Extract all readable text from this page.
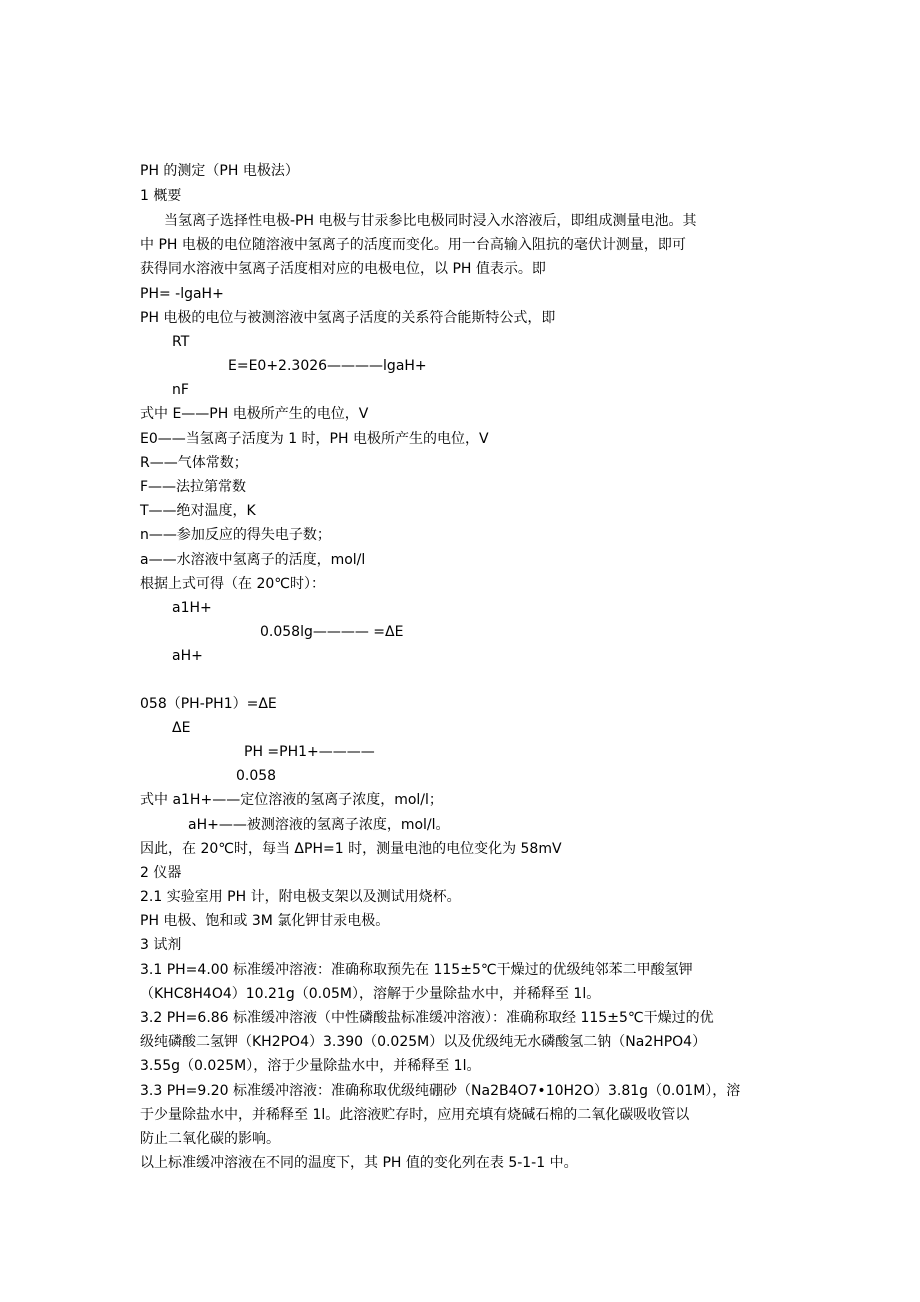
PH 的测定（PH 电极法）

1 概要

当氢离子选择性电极-PH 电极与甘汞参比电极同时浸入水溶液后，即组成测量电池。其

中 PH 电极的电位随溶液中氢离子的活度而变化。用一台高输入阻抗的毫伏计测量，即可

获得同水溶液中氢离子活度相对应的电极电位，以 PH 值表示。即

PH= -lgaH+

PH 电极的电位与被测溶液中氢离子活度的关系符合能斯特公式，即

RT

E=E0+2.3026————lgaH+

nF

式中 E——PH 电极所产生的电位，V

E0——当氢离子活度为 1 时，PH 电极所产生的电位，V

R——气体常数；

F——法拉第常数

T——绝对温度，K

n——参加反应的得失电子数；

a——水溶液中氢离子的活度，mol/l

根据上式可得（在 20℃时）：

a1H+

0.058lg———— =ΔE

aH+

058（PH-PH1）=ΔE

ΔE

PH =PH1+————

0.058

式中 a1H+——定位溶液的氢离子浓度，mol/l；

aH+——被测溶液的氢离子浓度，mol/l。

因此，在 20℃时，每当 ΔPH=1 时，测量电池的电位变化为 58mV

2 仪器

2.1 实验室用 PH 计，附电极支架以及测试用烧杯。

PH 电极、饱和或 3M 氯化钾甘汞电极。

3 试剂

3.1 PH=4.00 标准缓冲溶液：准确称取预先在 115±5℃干燥过的优级纯邻苯二甲酸氢钾

（KHC8H4O4）10.21g（0.05M），溶解于少量除盐水中，并稀释至 1l。

3.2 PH=6.86 标准缓冲溶液（中性磷酸盐标准缓冲溶液）：准确称取经 115±5℃干燥过的优

级纯磷酸二氢钾（KH2PO4）3.390（0.025M）以及优级纯无水磷酸氢二钠（Na2HPO4）

3.55g（0.025M），溶于少量除盐水中，并稀释至 1l。

3.3 PH=9.20 标准缓冲溶液：准确称取优级纯硼砂（Na2B4O7•10H2O）3.81g（0.01M），溶

于少量除盐水中，并稀释至 1l。此溶液贮存时，应用充填有烧碱石棉的二氧化碳吸收管以

防止二氧化碳的影响。

以上标准缓冲溶液在不同的温度下，其 PH 值的变化列在表 5-1-1 中。
